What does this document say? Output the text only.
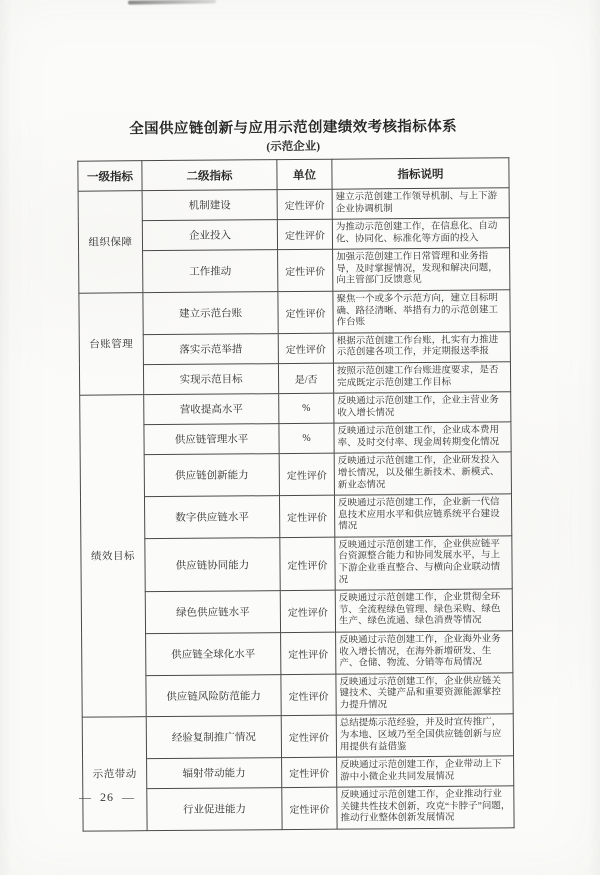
全国供应链创新与应用示范创建绩效考核指标体系
(示范企业)
一级指标	二级指标	单位	指标说明
组织保障	机制建设	定性评价	建立示范创建工作领导机制、与上下游企业协调机制
	企业投入	定性评价	为推动示范创建工作，在信息化、自动化、协同化、标准化等方面的投入
	工作推动	定性评价	加强示范创建工作日常管理和业务指导，及时掌握情况，发现和解决问题，向主管部门反馈意见
台账管理	建立示范台账	定性评价	聚焦一个或多个示范方向，建立目标明确、路径清晰、举措有力的示范创建工作台账
	落实示范举措	定性评价	根据示范创建工作台账，扎实有力推进示范创建各项工作，并定期报送季报
	实现示范目标	是/否	按照示范创建工作台账进度要求，是否完成既定示范创建工作目标
绩效目标	营收提高水平	%	反映通过示范创建工作，企业主营业务收入增长情况
	供应链管理水平	%	反映通过示范创建工作，企业成本费用率、及时交付率、现金周转期变化情况
	供应链创新能力	定性评价	反映通过示范创建工作，企业研发投入增长情况，以及催生新技术、新模式、新业态情况
	数字供应链水平	定性评价	反映通过示范创建工作，企业新一代信息技术应用水平和供应链系统平台建设情况
	供应链协同能力	定性评价	反映通过示范创建工作，企业供应链平台资源整合能力和协同发展水平，与上下游企业垂直整合、与横向企业联动情况
	绿色供应链水平	定性评价	反映通过示范创建工作，企业贯彻全环节、全流程绿色管理、绿色采购、绿色生产、绿色流通、绿色消费等情况
	供应链全球化水平	定性评价	反映通过示范创建工作，企业海外业务收入增长情况，在海外新增研发、生产、仓储、物流、分销等布局情况
	供应链风险防范能力	定性评价	反映通过示范创建工作，企业供应链关键技术、关键产品和重要资源能源掌控力提升情况
示范带动	经验复制推广情况	定性评价	总结提炼示范经验，并及时宣传推广，为本地、区域乃至全国供应链创新与应用提供有益借鉴
	辐射带动能力	定性评价	反映通过示范创建工作，企业带动上下游中小微企业共同发展情况
	行业促进能力	定性评价	反映通过示范创建工作，企业推动行业关键共性技术创新，攻克“卡脖子”问题，推动行业整体创新发展情况
—  26  —
